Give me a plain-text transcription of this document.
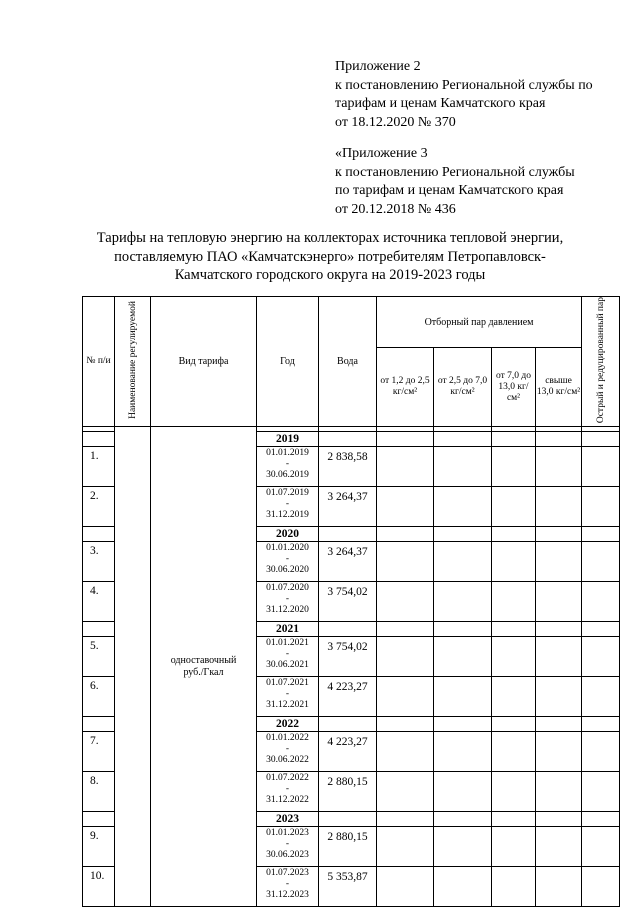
Приложение 2
к постановлению Региональной службы по
тарифам и ценам Камчатского края
от 18.12.2020 № 370
«Приложение 3
к постановлению Региональной службы
по тарифам и ценам Камчатского края
от 20.12.2018 № 436
Тарифы на тепловую энергию на коллекторах источника тепловой энергии,
поставляемую ПАО «Камчатскэнерго» потребителям Петропавловск-
Камчатского городского округа на 2019-2023 годы
№ п/и	Наименование регулируемой	Вид тарифа	Год	Вода	Отборный пар давлением				Острый и редуцированный пар
					от 1,2 до 2,5 кг/см²	от 2,5 до 7,0 кг/см²	от 7,0 до 13,0 кг/см²	свыше 13,0 кг/см²	

		одноставочный
руб./Гкал							

			2019						
1.			01.01.2019
-
30.06.2019	2 838,58					
2.			01.07.2019
-
31.12.2019	3 264,37					
			2020						
3.			01.01.2020
-
30.06.2020	3 264,37					
4.			01.07.2020
-
31.12.2020	3 754,02					
			2021						
5.			01.01.2021
-
30.06.2021	3 754,02					
6.			01.07.2021
-
31.12.2021	4 223,27					
			2022						
7.			01.01.2022
-
30.06.2022	4 223,27					
8.			01.07.2022
-
31.12.2022	2 880,15					
			2023						
9.			01.01.2023
-
30.06.2023	2 880,15					
10.			01.07.2023
-
31.12.2023	5 353,87					
